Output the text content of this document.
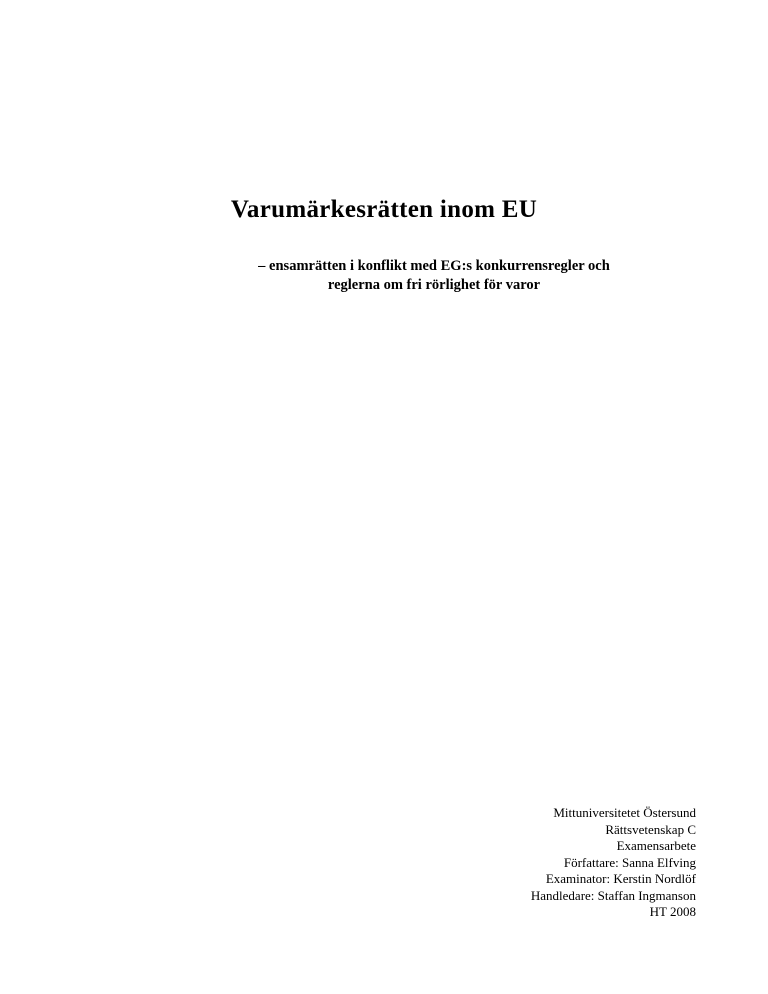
Varumärkesrätten inom EU
– ensamrätten i konflikt med EG:s konkurrensregler och
reglerna om fri rörlighet för varor
Mittuniversitetet Östersund
Rättsvetenskap C
Examensarbete
Författare: Sanna Elfving
Examinator: Kerstin Nordlöf
Handledare: Staffan Ingmanson
HT 2008
